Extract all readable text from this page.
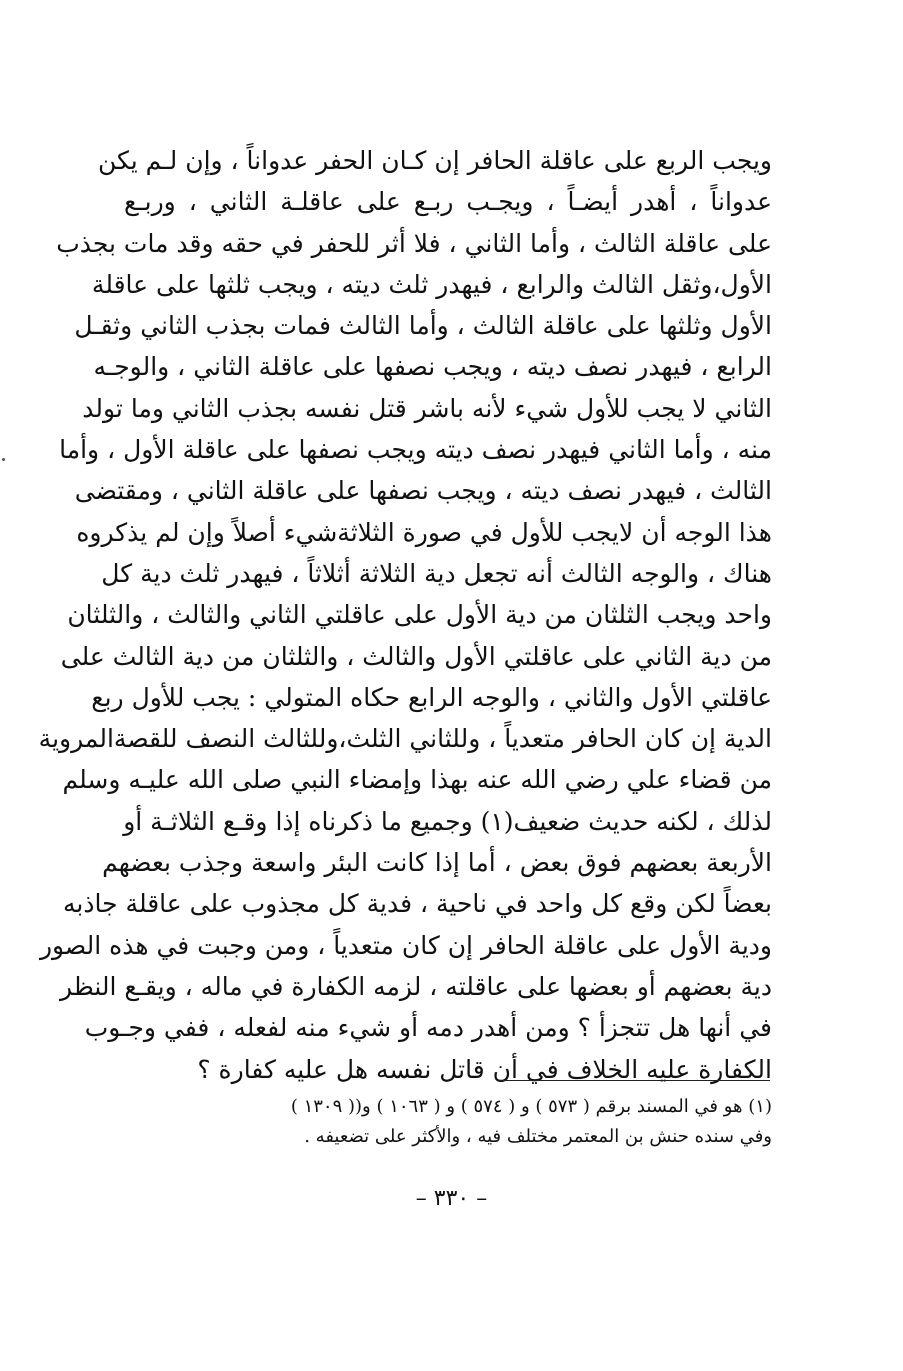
ويجب الربع على عاقلة الحافر إن كـان الحفر عدواناً ، وإن لـم يكن
عدواناً ، أهدر أيضـاً ، ويجـب ربـع على عاقلـة الثاني ، وربـع
على عاقلة الثالث ، وأما الثاني ، فلا أثر للحفر في حقه وقد مات بجذب
الأول،وثقل الثالث والرابع ، فيهدر ثلث ديته ، ويجب ثلثها على عاقلة
الأول وثلثها على عاقلة الثالث ، وأما الثالث فمات بجذب الثاني وثقـل
الرابع ، فيهدر نصف ديته ، ويجب نصفها على عاقلة الثاني ، والوجـه
الثاني لا يجب للأول شيء لأنه باشر قتل نفسه بجذب الثاني وما تولد
منه ، وأما الثاني فيهدر نصف ديته ويجب نصفها على عاقلة الأول ، وأما
الثالث ، فيهدر نصف ديته ، ويجب نصفها على عاقلة الثاني ، ومقتضى
هذا الوجه أن لايجب للأول في صورة الثلاثةشيء أصلاً وإن لم يذكروه
هناك ، والوجه الثالث أنه تجعل دية الثلاثة أثلاثاً ، فيهدر ثلث دية كل
واحد ويجب الثلثان من دية الأول على عاقلتي الثاني والثالث ، والثلثان
من دية الثاني على عاقلتي الأول والثالث ، والثلثان من دية الثالث على
عاقلتي الأول والثاني ، والوجه الرابع حكاه المتولي : يجب للأول ربع
الدية إن كان الحافر متعدياً ، وللثاني الثلث،وللثالث النصف للقصةالمروية
من قضاء علي رضي الله عنه بهذا وإمضاء النبي صلى الله عليـه وسلم
لذلك ، لكنه حديث ضعيف(١) وجميع ما ذكرناه إذا وقـع الثلاثـة أو
الأربعة بعضهم فوق بعض ، أما إذا كانت البئر واسعة وجذب بعضهم
بعضاً لكن وقع كل واحد في ناحية ، فدية كل مجذوب على عاقلة جاذبه
ودية الأول على عاقلة الحافر إن كان متعدياً ، ومن وجبت في هذه الصور
دية بعضهم أو بعضها على عاقلته ، لزمه الكفارة في ماله ، ويقـع النظر
في أنها هل تتجزأ ؟ ومن أهدر دمه أو شيء منه لفعله ، ففي وجـوب
الكفارة عليه الخلاف في أن قاتل نفسه هل عليه كفارة ؟
(١) هو في المسند برقم ( ٥٧٣ ) و ( ٥٧٤ ) و ( ١٠٦٣ ) و(( ١٣٠٩ )
وفي سنده حنش بن المعتمر مختلف فيه ، والأكثر على تضعيفه .
– ٣٣٠ –
